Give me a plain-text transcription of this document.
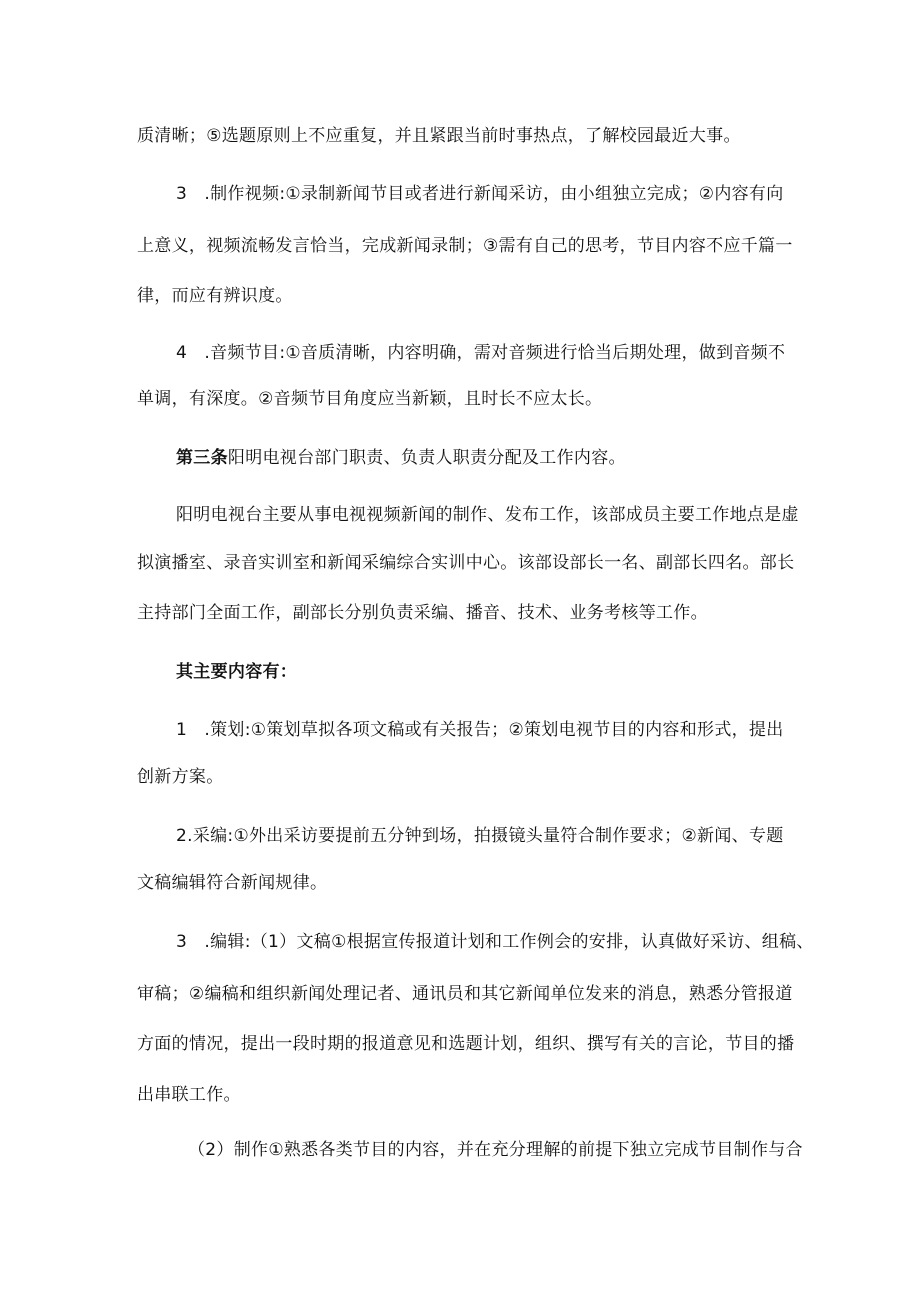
质清晰；⑤选题原则上不应重复，并且紧跟当前时事热点，了解校园最近大事。

3　.制作视频:①录制新闻节目或者进行新闻采访，由小组独立完成；②内容有向

上意义，视频流畅发言恰当，完成新闻录制；③需有自己的思考，节目内容不应千篇一

律，而应有辨识度。

4　.音频节目:①音质清晰，内容明确，需对音频进行恰当后期处理，做到音频不

单调，有深度。②音频节目角度应当新颖，且时长不应太长。

第三条阳明电视台部门职责、负责人职责分配及工作内容。

阳明电视台主要从事电视视频新闻的制作、发布工作，该部成员主要工作地点是虚

拟演播室、录音实训室和新闻采编综合实训中心。该部设部长一名、副部长四名。部长

主持部门全面工作，副部长分别负责采编、播音、技术、业务考核等工作。

其主要内容有：

1　.策划:①策划草拟各项文稿或有关报告；②策划电视节目的内容和形式，提出

创新方案。

2.采编:①外出采访要提前五分钟到场，拍摄镜头量符合制作要求；②新闻、专题

文稿编辑符合新闻规律。

3　.编辑:（1）文稿①根据宣传报道计划和工作例会的安排，认真做好采访、组稿、

审稿；②编稿和组织新闻处理记者、通讯员和其它新闻单位发来的消息，熟悉分管报道

方面的情况，提出一段时期的报道意见和选题计划，组织、撰写有关的言论，节目的播

出串联工作。

（2）制作①熟悉各类节目的内容，并在充分理解的前提下独立完成节目制作与合
